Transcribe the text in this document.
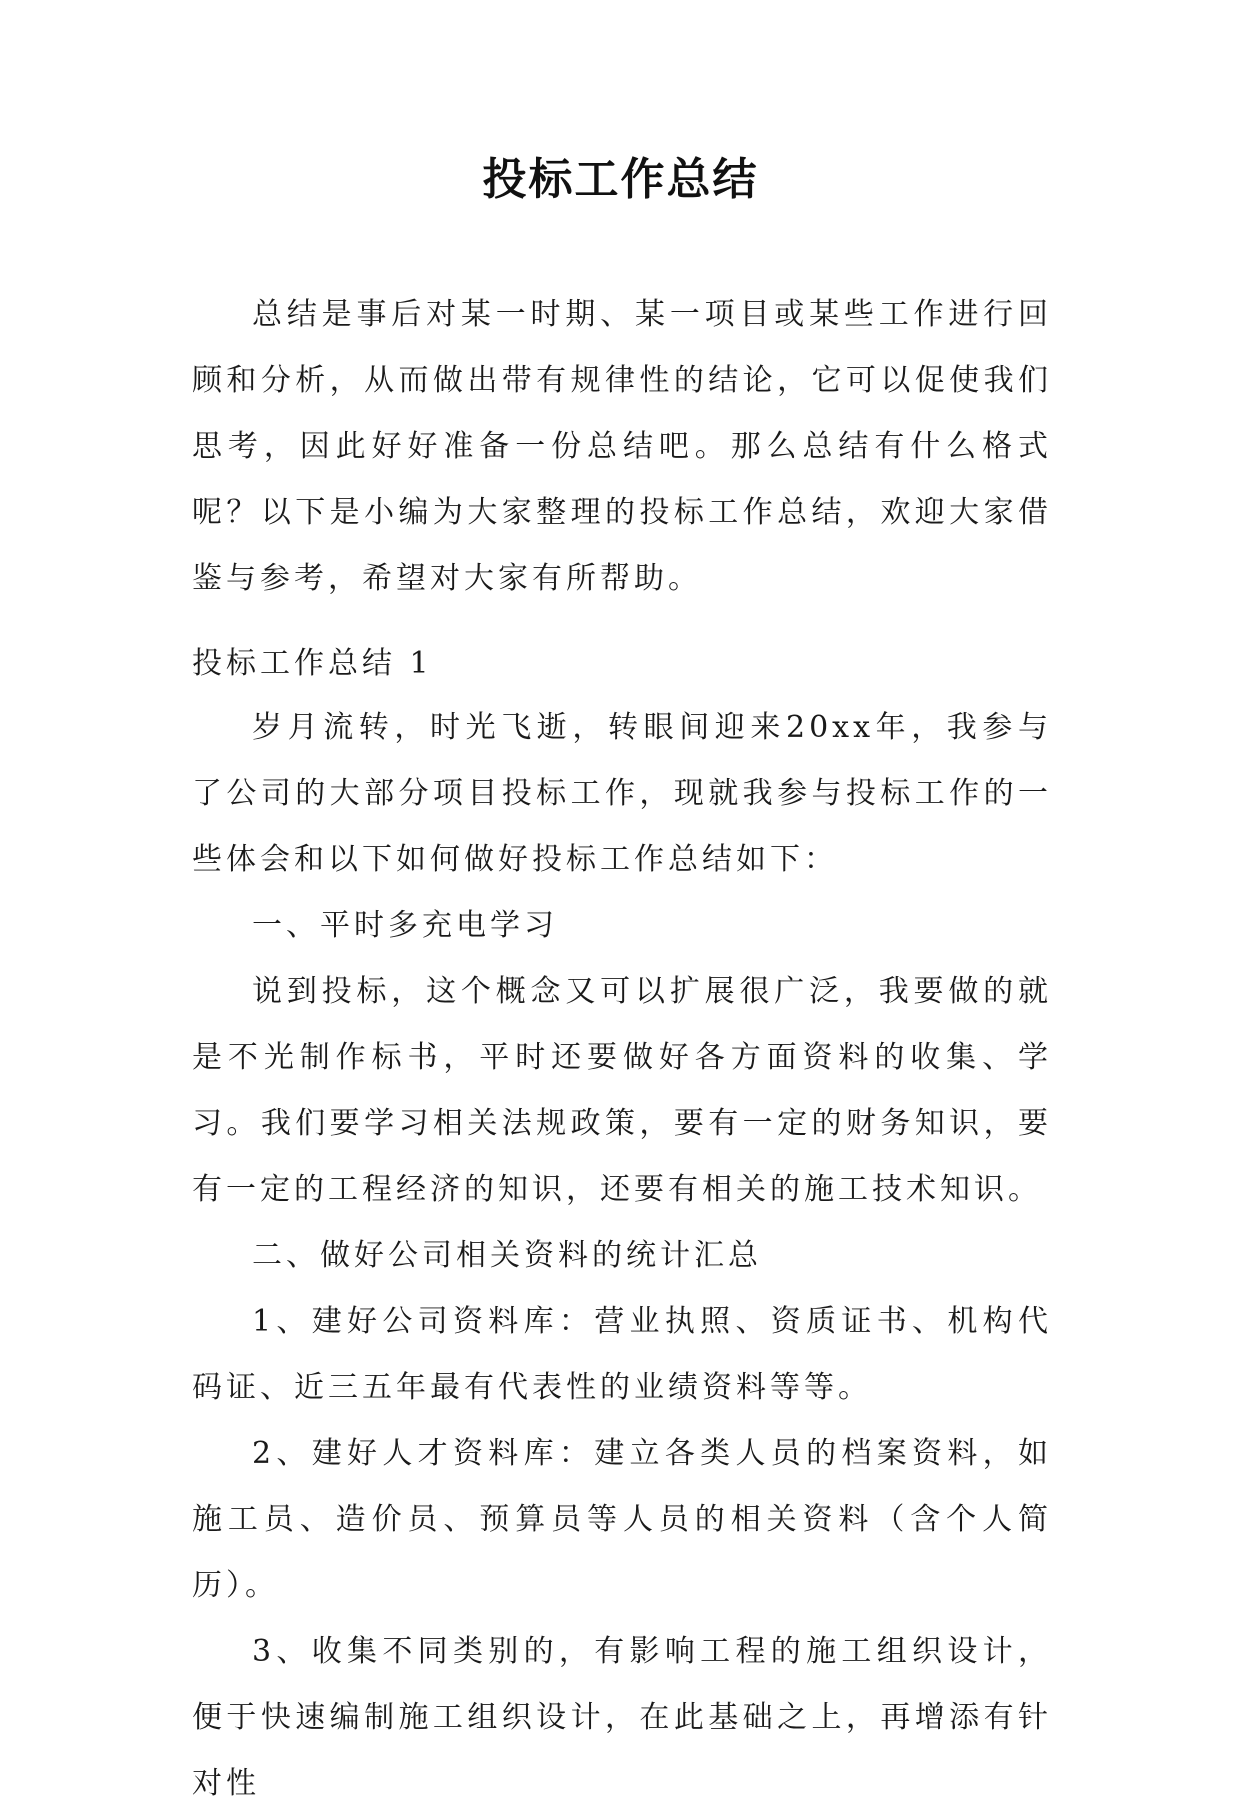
投标工作总结

总结是事后对某一时期、某一项目或某些工作进行回顾和分析，从而做出带有规律性的结论，它可以促使我们思考，因此好好准备一份总结吧。那么总结有什么格式呢？以下是小编为大家整理的投标工作总结，欢迎大家借鉴与参考，希望对大家有所帮助。

投标工作总结 1

岁月流转，时光飞逝，转眼间迎来20xx年，我参与了公司的大部分项目投标工作，现就我参与投标工作的一些体会和以下如何做好投标工作总结如下：

一、平时多充电学习

说到投标，这个概念又可以扩展很广泛，我要做的就是不光制作标书，平时还要做好各方面资料的收集、学习。我们要学习相关法规政策，要有一定的财务知识，要有一定的工程经济的知识，还要有相关的施工技术知识。

二、做好公司相关资料的统计汇总

1、建好公司资料库：营业执照、资质证书、机构代码证、近三五年最有代表性的业绩资料等等。

2、建好人才资料库：建立各类人员的档案资料，如施工员、造价员、预算员等人员的相关资料（含个人简历）。

3、收集不同类别的，有影响工程的施工组织设计，便于快速编制施工组织设计，在此基础之上，再增添有针对性
